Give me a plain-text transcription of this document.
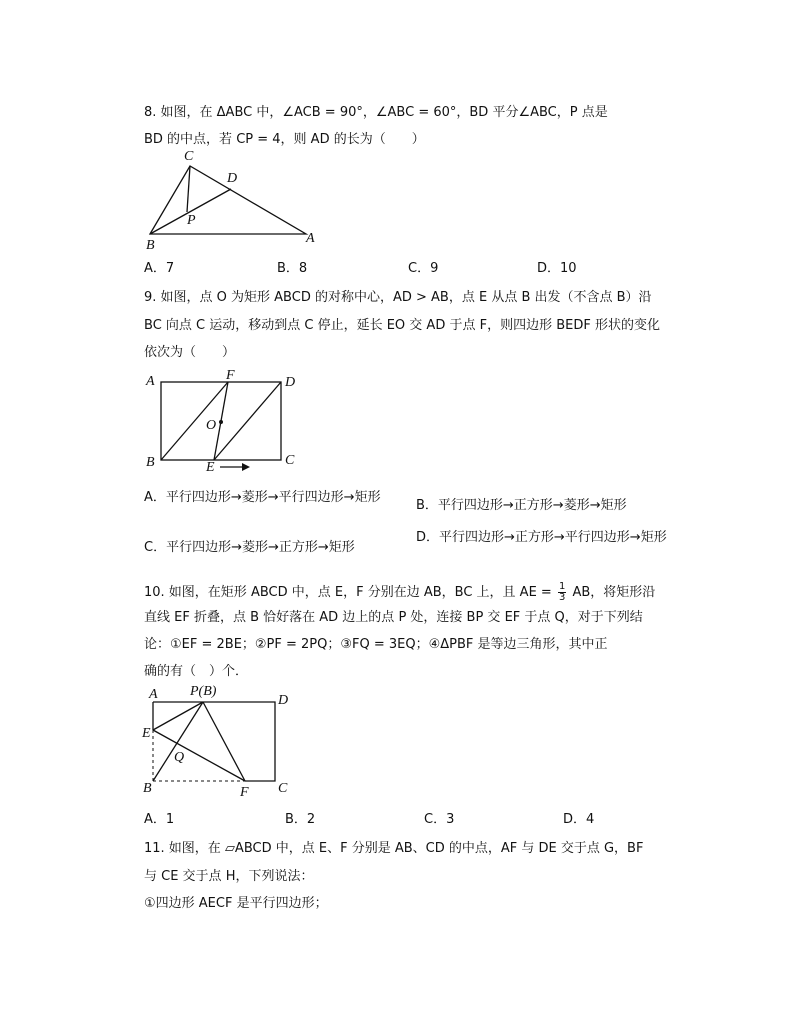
8. 如图，在 ΔABC 中，∠ACB = 90°，∠ABC = 60°，BD 平分∠ABC，P 点是
BD 的中点，若 CP = 4，则 AD 的长为（　　）
C
D
P
B	A
A．7	B．8	C．9	D．10
9. 如图，点 O 为矩形 ABCD 的对称中心，AD > AB，点 E 从点 B 出发（不含点 B）沿
BC 向点 C 运动，移动到点 C 停止，延长 EO 交 AD 于点 F，则四边形 BEDF 形状的变化
依次为（　　）
A	F	D
O
B	E	C
A．平行四边形→菱形→平行四边形→矩形
B．平行四边形→正方形→菱形→矩形
C．平行四边形→菱形→正方形→矩形
D．平行四边形→正方形→平行四边形→矩形
10. 如图，在矩形 ABCD 中，点 E，F 分别在边 AB，BC 上，且 AE = $\frac{1}{3}$ AB，将矩形沿
直线 EF 折叠，点 B 恰好落在 AD 边上的点 P 处，连接 BP 交 EF 于点 Q，对于下列结
论：①EF = 2BE；②PF = 2PQ；③FQ = 3EQ；④ΔPBF 是等边三角形，其中正
确的有（　）个．
A P(B)
D
E
Q
B	F C
A．1	B．2	C．3	D．4
11. 如图，在 ▱ABCD 中，点 E、F 分别是 AB、CD 的中点，AF 与 DE 交于点 G，BF
与 CE 交于点 H，下列说法：
①四边形 AECF 是平行四边形；
